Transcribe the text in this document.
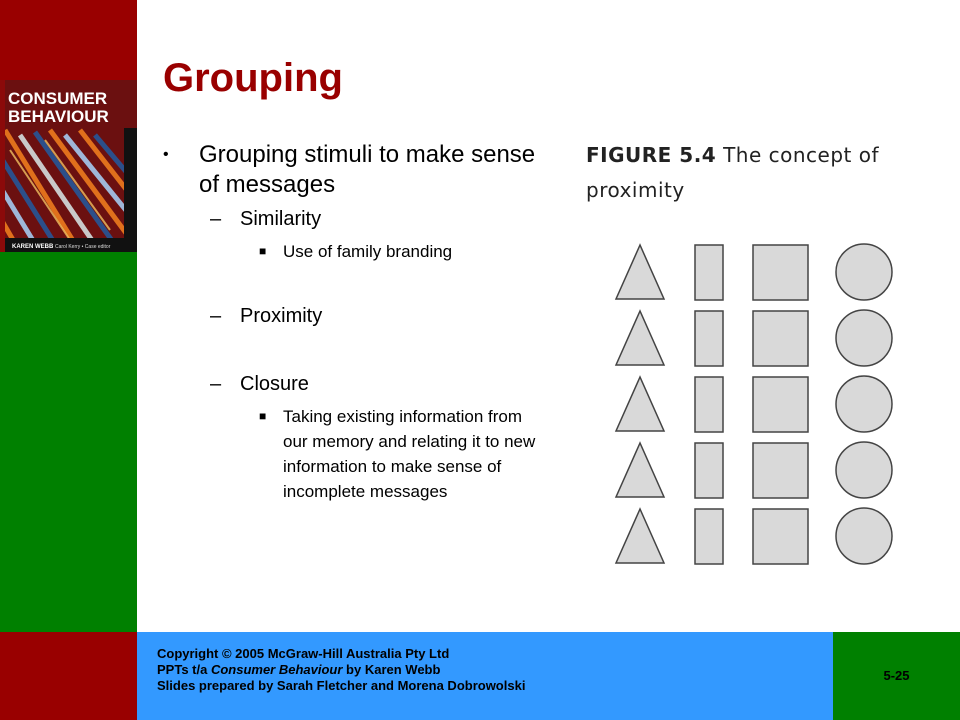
CONSUMER
BEHAVIOUR
KAREN WEBB Carol Kerry • Case editor
Grouping
• Grouping stimuli to make sense of messages
– Similarity
■ Use of family branding
– Proximity
– Closure
■ Taking existing information from our memory and relating it to new information to make sense of incomplete messages
FIGURE 5.4 The concept of
proximity
Copyright © 2005 McGraw-Hill Australia Pty Ltd
PPTs t/a Consumer Behaviour by Karen Webb
Slides prepared by Sarah Fletcher and Morena Dobrowolski
5-25
